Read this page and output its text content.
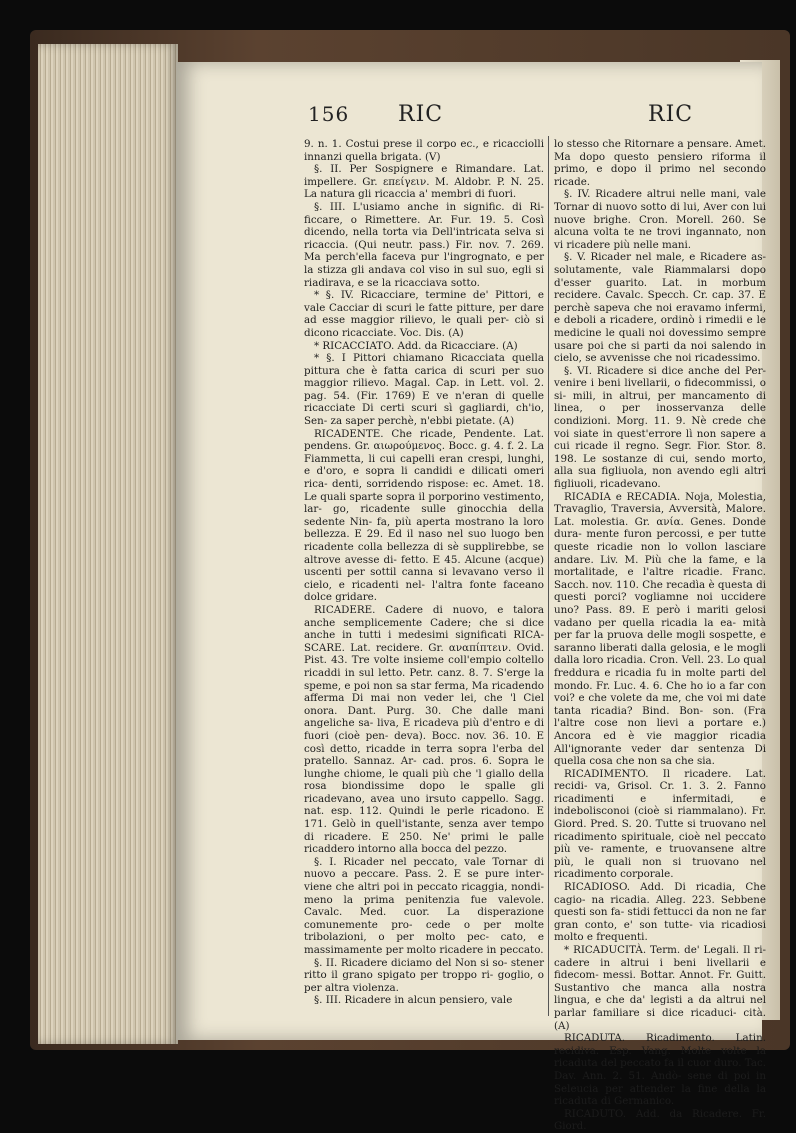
156 RIC	RIC

9. n. 1. Costui prese il corpo ec., e ricacciolli innanzi quella brigata. (V)

§. II. Per Sospignere e Rimandare. Lat. impellere. Gr. επείγειν. M. Aldobr. P. N. 25. La natura gli ricaccia a' membri di fuori.

§. III. L'usiamo anche in signific. di Ri- ficcare, o Rimettere. Ar. Fur. 19. 5. Così dicendo, nella torta via Dell'intricata selva si ricaccia. (Qui neutr. pass.) Fir. nov. 7. 269. Ma perch'ella faceva pur l'ingrognato, e per la stizza gli andava col viso in sul suo, egli si riadirava, e se la ricacciava sotto.

* §. IV. Ricacciare, termine de' Pittori, e vale Cacciar di scuri le fatte pitture, per dare ad esse maggior rilievo, le quali per- ciò si dicono ricacciate. Voc. Dis. (A)

* RICACCIATO. Add. da Ricacciare. (A)

* §. I Pittori chiamano Ricacciata quella pittura che è fatta carica di scuri per suo maggior rilievo. Magal. Cap. in Lett. vol. 2. pag. 54. (Fir. 1769) E ve n'eran di quelle ricacciate Di certi scuri sì gagliardi, ch'io, Sen- za saper perchè, n'ebbi pietate. (A)

RICADENTE. Che ricade, Pendente. Lat. pendens. Gr. αιωρούμενος. Bocc. g. 4. f. 2. La Fiammetta, li cui capelli eran crespi, lunghi, e d'oro, e sopra li candidi e dilicati omeri rica- denti, sorridendo rispose: ec. Amet. 18. Le quali sparte sopra il porporino vestimento, lar- go, ricadente sulle ginocchia della sedente Nin- fa, più aperta mostrano la loro bellezza. E 29. Ed il naso nel suo luogo ben ricadente colla bellezza di sè supplirebbe, se altrove avesse di- fetto. E 45. Alcune (acque) uscenti per sottil canna si levavano verso il cielo, e ricadenti nel- l'altra fonte faceano dolce gridare.

RICADERE. Cadere di nuovo, e talora anche semplicemente Cadere; che si dice anche in tutti i medesimi significati RICA- SCARE. Lat. recidere. Gr. αναπίπτειν. Ovid. Pist. 43. Tre volte insieme coll'empio coltello ricaddi in sul letto. Petr. canz. 8. 7. S'erge la speme, e poi non sa star ferma, Ma ricadendo afferma Di mai non veder lei, che 'l Ciel onora. Dant. Purg. 30. Che dalle mani angeliche sa- liva, E ricadeva più d'entro e di fuori (cioè pen- deva). Bocc. nov. 36. 10. E così detto, ricadde in terra sopra l'erba del pratello. Sannaz. Ar- cad. pros. 6. Sopra le lunghe chiome, le quali più che 'l giallo della rosa biondissime dopo le spalle gli ricadevano, avea uno irsuto cappello. Sagg. nat. esp. 112. Quindi le perle ricadono. E 171. Gelò in quell'istante, senza aver tempo di ricadere. E 250. Ne' primi le palle ricaddero intorno alla bocca del pezzo.

§. I. Ricader nel peccato, vale Tornar di nuovo a peccare. Pass. 2. E se pure inter- viene che altri poi in peccato ricaggia, nondi- meno la prima penitenzia fue valevole. Cavalc. Med. cuor. La disperazione comunemente pro- cede o per molte tribolazioni, o per molto pec- cato, e massimamente per molto ricadere in peccato.

§. II. Ricadere diciamo del Non si so- stener ritto il grano spigato per troppo ri- goglio, o per altra violenza.

§. III. Ricadere in alcun pensiero, vale

lo stesso che Ritornare a pensare. Amet. Ma dopo questo pensiero riforma il primo, e dopo il primo nel secondo ricade.

§. IV. Ricadere altrui nelle mani, vale Tornar di nuovo sotto di lui, Aver con lui nuove brighe. Cron. Morell. 260. Se alcuna volta te ne trovi ingannato, non vi ricadere più nelle mani.

§. V. Ricader nel male, e Ricadere as- solutamente, vale Riammalarsi dopo d'esser guarito. Lat. in morbum recidere. Cavalc. Specch. Cr. cap. 37. E perchè sapeva che noi eravamo infermi, e deboli a ricadere, ordinò i rimedii e le medicine le quali noi dovessimo sempre usare poi che si parti da noi salendo in cielo, se avvenisse che noi ricadessimo.

§. VI. Ricadere si dice anche del Per- venire i beni livellarii, o fidecommissi, o si- mili, in altrui, per mancamento di linea, o per inosservanza delle condizioni. Morg. 11. 9. Nè crede che voi siate in quest'errore lì non sapere a cui ricade il regno. Segr. Fior. Stor. 8. 198. Le sostanze di cui, sendo morto, alla sua figliuola, non avendo egli altri figliuoli, ricadevano.

RICADIA e RECADIA. Noja, Molestia, Travaglio, Traversia, Avversità, Malore. Lat. molestia. Gr. ανία. Genes. Donde dura- mente furon percossi, e per tutte queste ricadie non lo vollon lasciare andare. Liv. M. Più che la fame, e la mortalitade, e l'altre ricadie. Franc. Sacch. nov. 110. Che recadìa è questa di questi porci? vogliamne noi uccidere uno? Pass. 89. E però i mariti gelosi vadano per quella ricadia la ea- mità per far la pruova delle mogli sospette, e saranno liberati dalla gelosia, e le mogli dalla loro ricadia. Cron. Vell. 23. Lo qual freddura e ricadia fu in molte parti del mondo. Fr. Luc. 4. 6. Che ho io a far con voi? e che volete da me, che voi mi date tanta ricadia? Bind. Bon- son. (Fra l'altre cose non lievi a portare e.) Ancora ed è vie maggior ricadia All'ignorante veder dar sentenza Di quella cosa che non sa che sia.

RICADIMENTO. Il ricadere. Lat. recidi- va, Grisol. Cr. 1. 3. 2. Fanno ricadimenti e infermitadi, e indebolisconoi (cioè si riammalano). Fr. Giord. Pred. S. 20. Tutte si truovano nel ricadimento spirituale, cioè nel peccato più ve- ramente, e truovansene altre più, le quali non si truovano nel ricadimento corporale.

RICADIOSO. Add. Di ricadia, Che cagio- na ricadia. Alleg. 223. Sebbene questi son fa- stidi fettucci da non ne far gran conto, e' son tutte- via ricadiosi molto e frequenti.

* RICADUCITÀ. Term. de' Legali. Il ri- cadere in altrui i beni livellarii e fidecom- messi. Bottar. Annot. Fr. Guitt. Sustantivo che manca alla nostra lingua, e che da' legisti a da altrui nel parlar familiare si dice ricaduci- cità. (A)

RICADUTA. Ricadimento. Latin. recidiva. Esp. Vang. Molte volte la ricaduta del peccato fa il cuor duro. Tac. Dav. Ann. 2. 51. Andò- sene di poi in Seleucia per attender la fine della la ricaduta di Germanico.

RICADUTO. Add. da Ricadere. Fr. Giord.
